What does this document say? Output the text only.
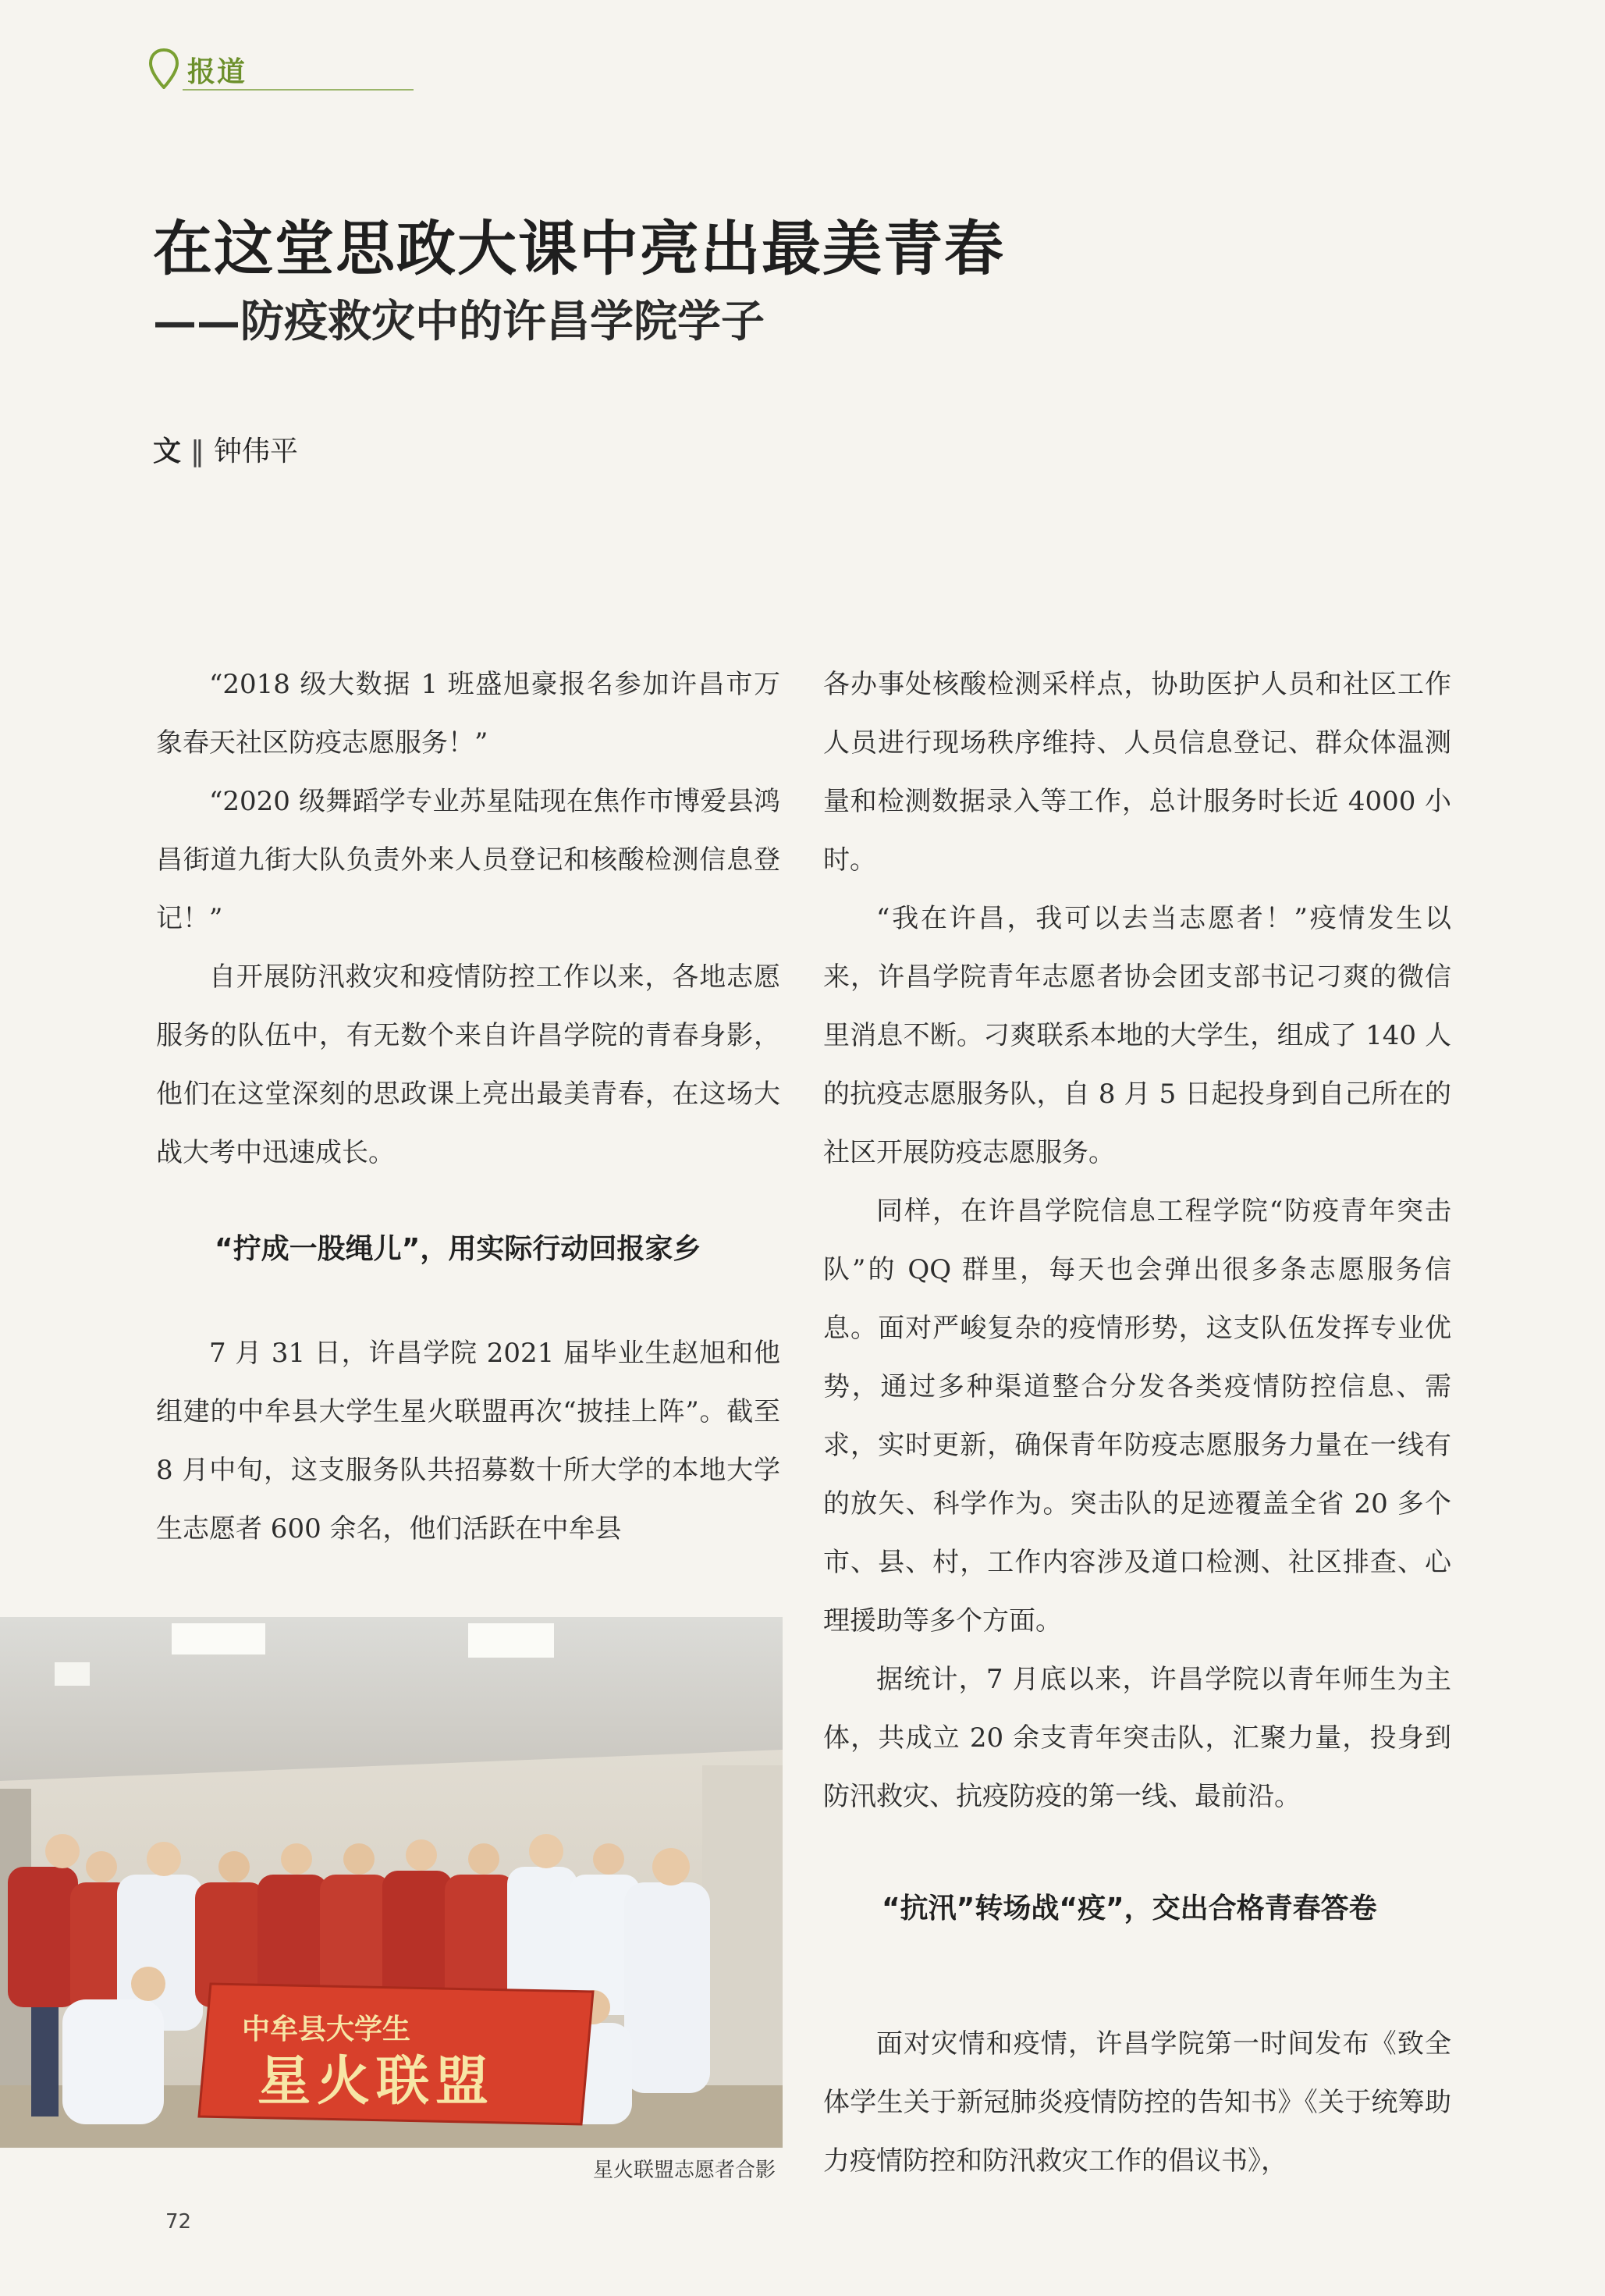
报道
在这堂思政大课中亮出最美青春
——防疫救灾中的许昌学院学子
文 ‖ 钟伟平

“2018 级大数据 1 班盛旭豪报名参加许昌市万象春天社区防疫志愿服务！”

“2020 级舞蹈学专业苏星陆现在焦作市博爱县鸿昌街道九街大队负责外来人员登记和核酸检测信息登记！”

自开展防汛救灾和疫情防控工作以来，各地志愿服务的队伍中，有无数个来自许昌学院的青春身影，他们在这堂深刻的思政课上亮出最美青春，在这场大战大考中迅速成长。

“拧成一股绳儿”，用实际行动回报家乡

7 月 31 日，许昌学院 2021 届毕业生赵旭和他组建的中牟县大学生星火联盟再次“披挂上阵”。截至 8 月中旬，这支服务队共招募数十所大学的本地大学生志愿者 600 余名，他们活跃在中牟县

各办事处核酸检测采样点，协助医护人员和社区工作人员进行现场秩序维持、人员信息登记、群众体温测量和检测数据录入等工作，总计服务时长近 4000 小时。

“我在许昌，我可以去当志愿者！”疫情发生以来，许昌学院青年志愿者协会团支部书记刁爽的微信里消息不断。刁爽联系本地的大学生，组成了 140 人的抗疫志愿服务队，自 8 月 5 日起投身到自己所在的社区开展防疫志愿服务。

同样，在许昌学院信息工程学院“防疫青年突击队”的 QQ 群里，每天也会弹出很多条志愿服务信息。面对严峻复杂的疫情形势，这支队伍发挥专业优势，通过多种渠道整合分发各类疫情防控信息、需求，实时更新，确保青年防疫志愿服务力量在一线有的放矢、科学作为。突击队的足迹覆盖全省 20 多个市、县、村，工作内容涉及道口检测、社区排查、心理援助等多个方面。

据统计，7 月底以来，许昌学院以青年师生为主体，共成立 20 余支青年突击队，汇聚力量，投身到防汛救灾、抗疫防疫的第一线、最前沿。

“抗汛”转场战“疫”，交出合格青春答卷

面对灾情和疫情，许昌学院第一时间发布《致全体学生关于新冠肺炎疫情防控的告知书》《关于统筹助力疫情防控和防汛救灾工作的倡议书》，

中牟县大学生
星火联盟
星火联盟志愿者合影
72
